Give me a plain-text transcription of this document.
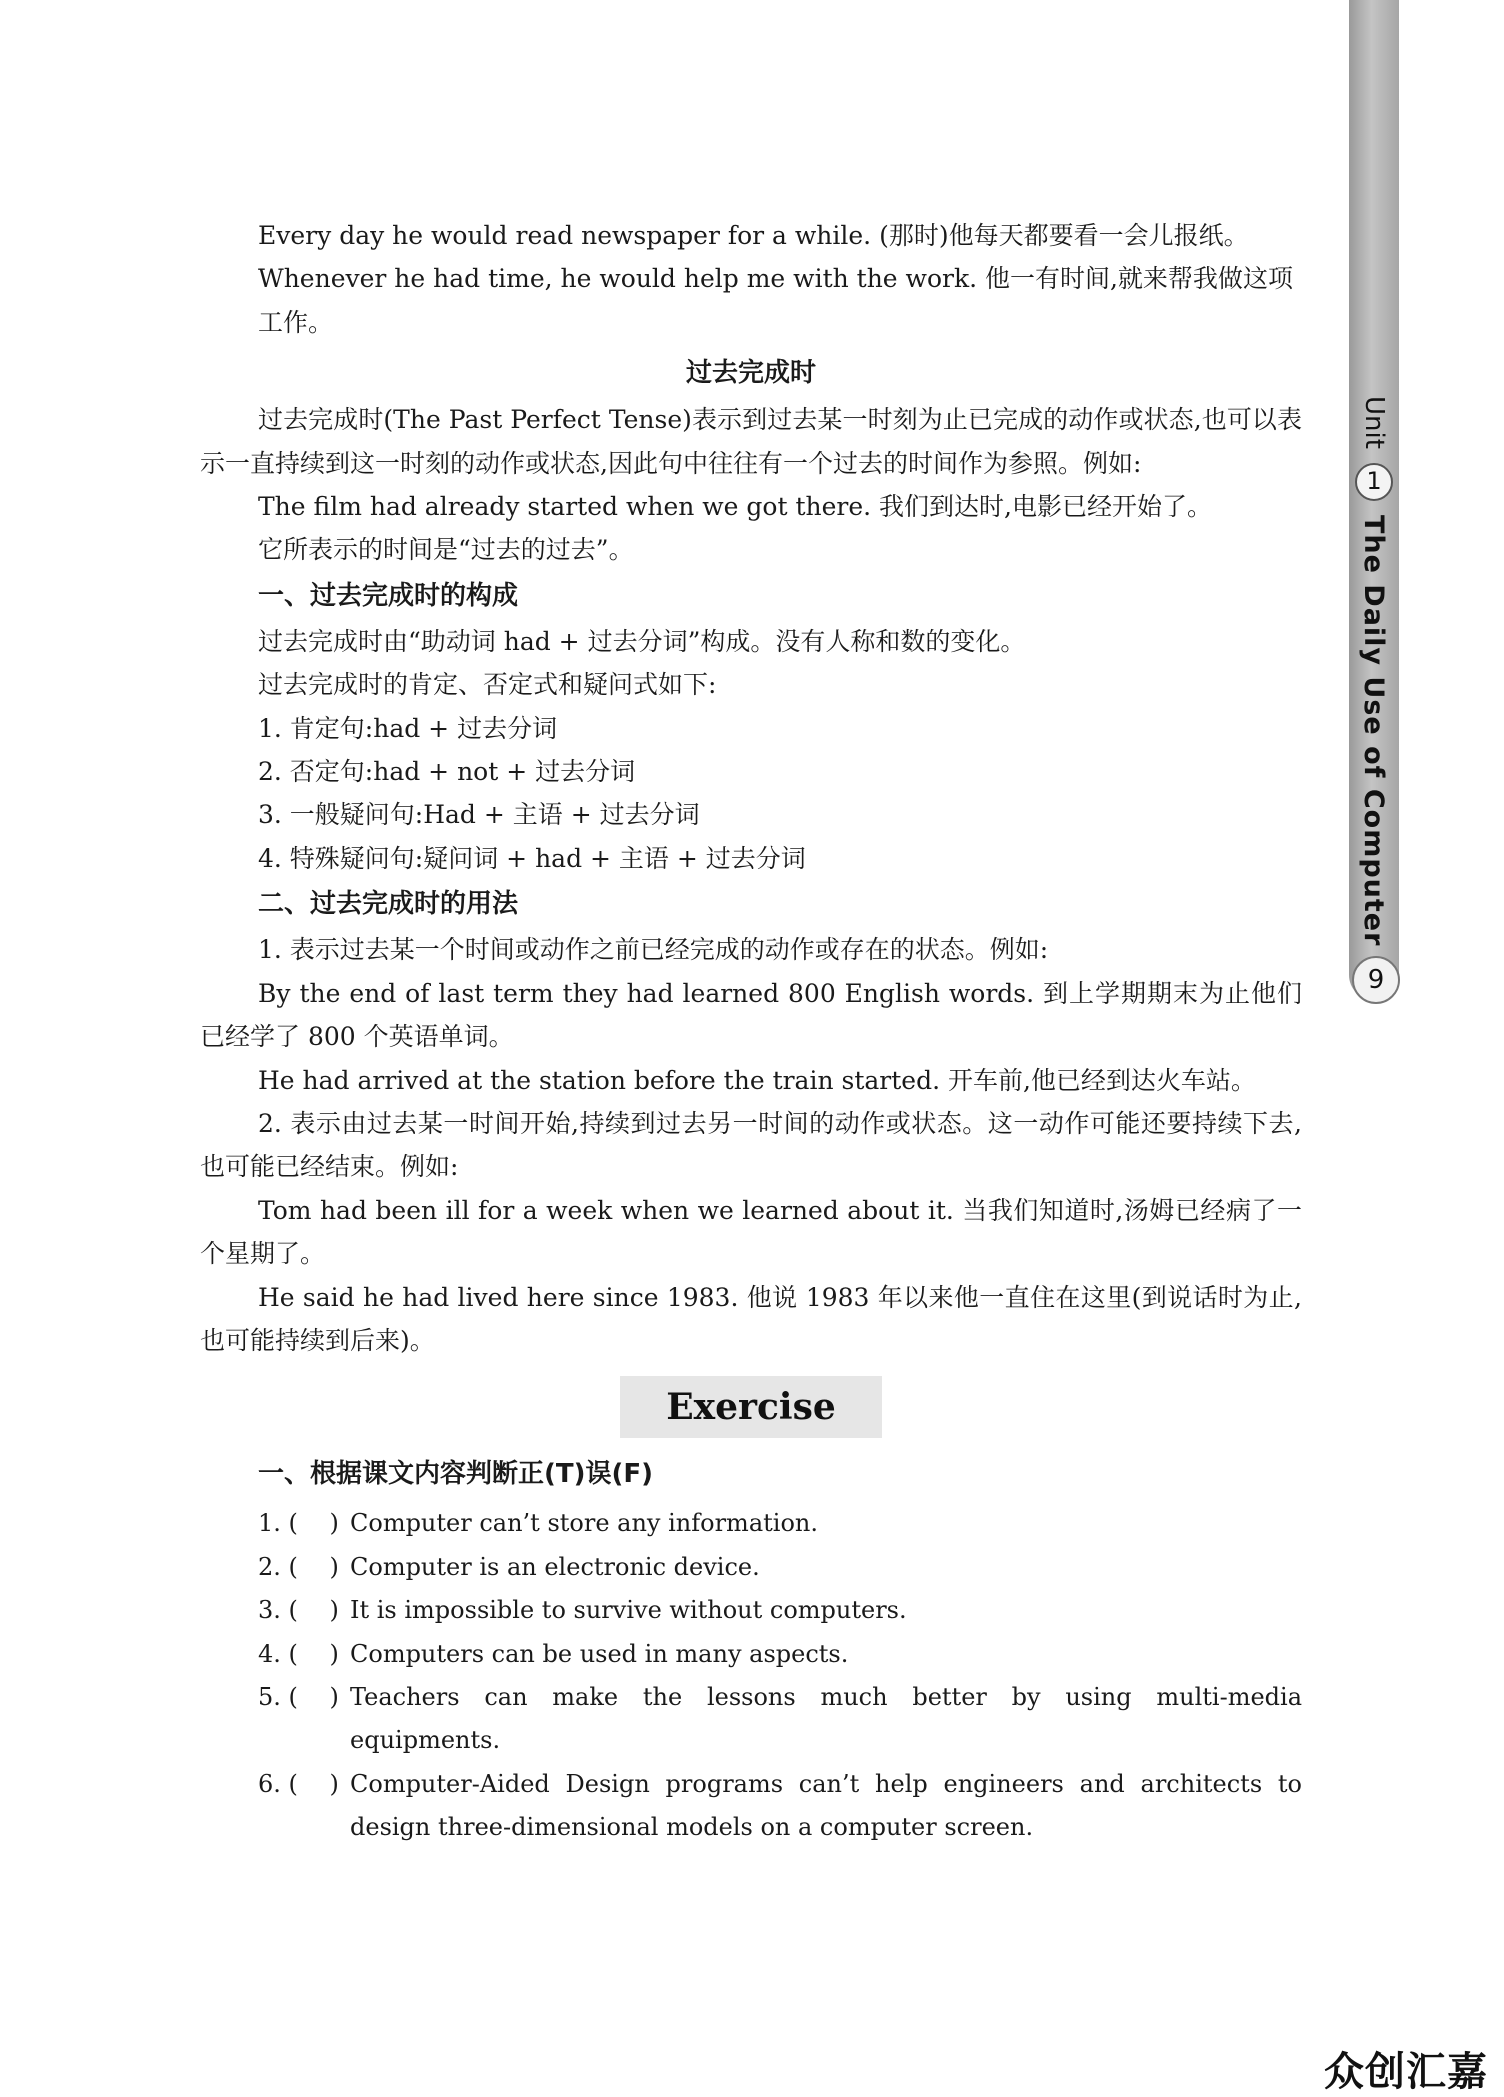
Unit
1
The Daily Use of Computer
9

Every day he would read newspaper for a while. (那时)他每天都要看一会儿报纸。

Whenever he had time, he would help me with the work. 他一有时间,就来帮我做这项工作。

过去完成时

过去完成时(The Past Perfect Tense)表示到过去某一时刻为止已完成的动作或状态,也可以表示一直持续到这一时刻的动作或状态,因此句中往往有一个过去的时间作为参照。例如:

The film had already started when we got there. 我们到达时,电影已经开始了。

它所表示的时间是“过去的过去”。

一、过去完成时的构成

过去完成时由“助动词 had + 过去分词”构成。没有人称和数的变化。

过去完成时的肯定、否定式和疑问式如下:

1. 肯定句:had + 过去分词

2. 否定句:had + not + 过去分词

3. 一般疑问句:Had + 主语 + 过去分词

4. 特殊疑问句:疑问词 + had + 主语 + 过去分词

二、过去完成时的用法

1. 表示过去某一个时间或动作之前已经完成的动作或存在的状态。例如:

By the end of last term they had learned 800 English words. 到上学期期末为止他们已经学了 800 个英语单词。

He had arrived at the station before the train started. 开车前,他已经到达火车站。

2. 表示由过去某一时间开始,持续到过去另一时间的动作或状态。这一动作可能还要持续下去,也可能已经结束。例如:

Tom had been ill for a week when we learned about it. 当我们知道时,汤姆已经病了一个星期了。

He said he had lived here since 1983. 他说 1983 年以来他一直住在这里(到说话时为止,也可能持续到后来)。

Exercise
一、根据课文内容判断正(T)误(F)
1. (　 ) Computer can’t store any information.
2. (　 ) Computer is an electronic device.
3. (　 ) It is impossible to survive without computers.
4. (　 ) Computers can be used in many aspects.
5. (　 ) Teachers can make the lessons much better by using multi-media equipments.
6. (　 ) Computer-Aided Design programs can’t help engineers and architects to design three-dimensional models on a computer screen.
众创汇嘉
